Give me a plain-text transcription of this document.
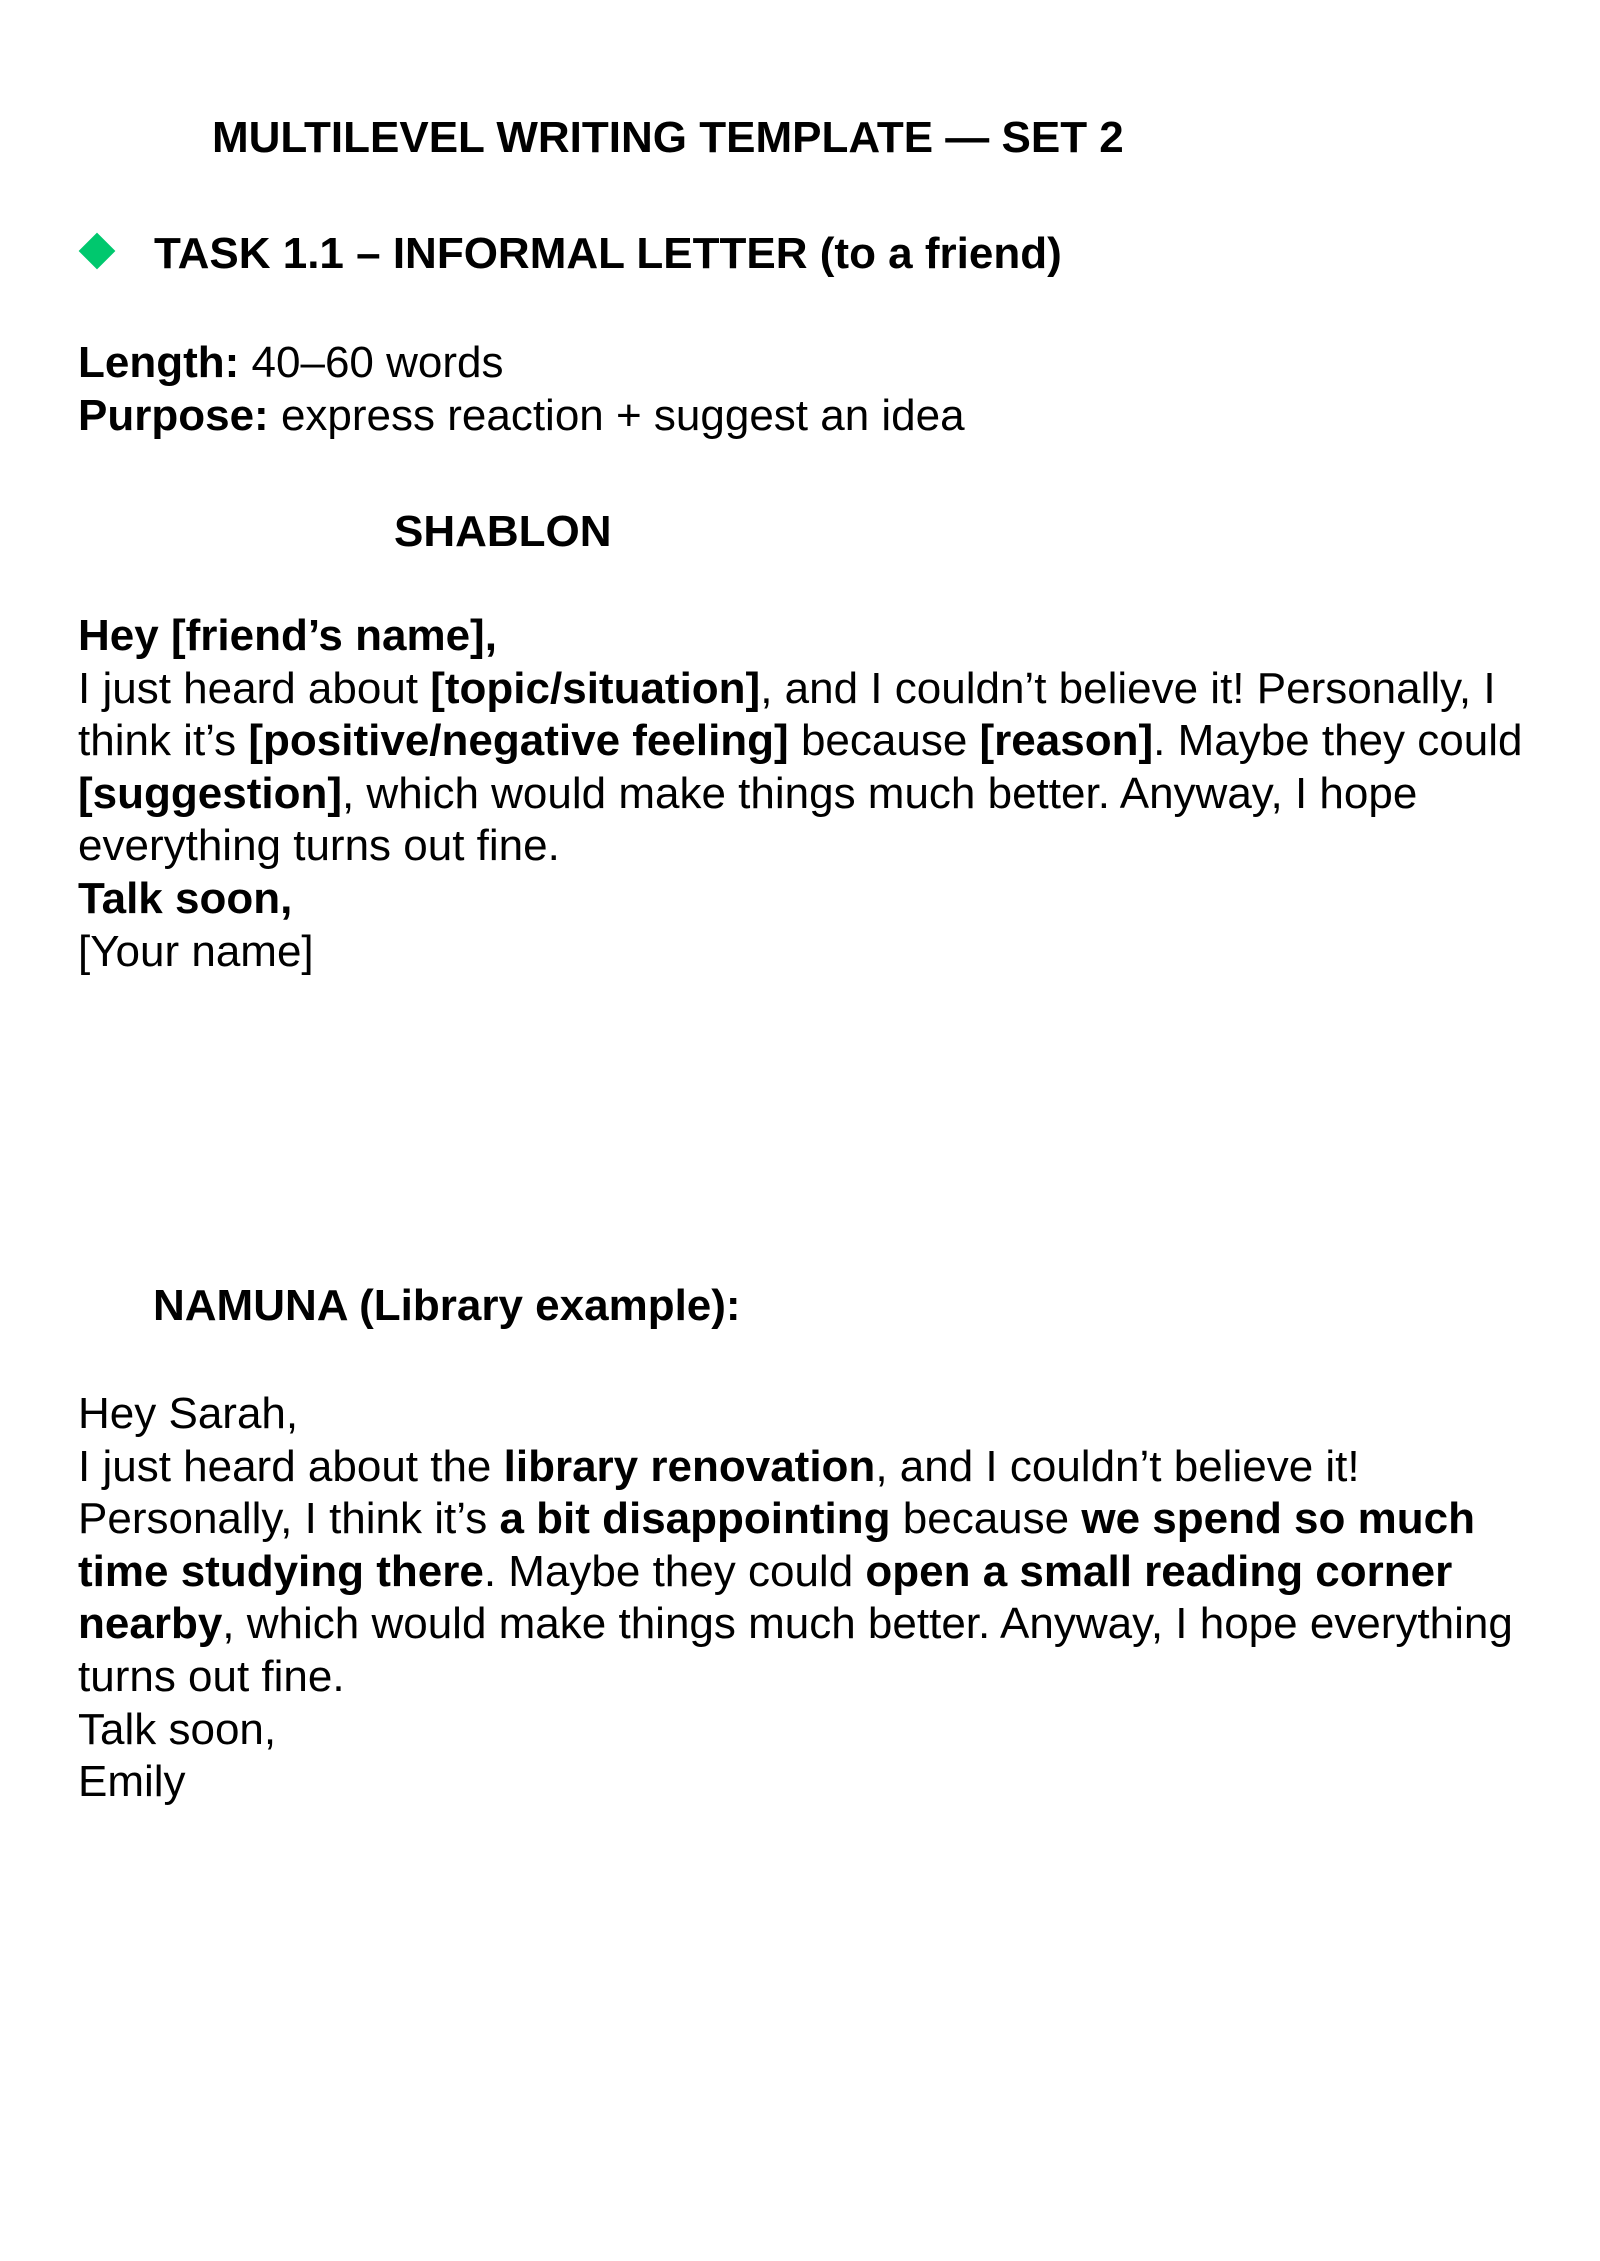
MULTILEVEL WRITING TEMPLATE — SET 2
TASK 1.1 – INFORMAL LETTER (to a friend)
Length: 40–60 words
Purpose: express reaction + suggest an idea
SHABLON

Hey [friend’s name],

I just heard about [topic/situation], and I couldn’t believe it! Personally, I think it’s [positive/negative feeling] because [reason]. Maybe they could [suggestion], which would make things much better. Anyway, I hope everything turns out fine.

Talk soon,

[Your name]

NAMUNA (Library example):

Hey Sarah,

I just heard about the library renovation, and I couldn’t believe it! Personally, I think it’s a bit disappointing because we spend so much time studying there. Maybe they could open a small reading corner nearby, which would make things much better. Anyway, I hope everything turns out fine.

Talk soon,

Emily
